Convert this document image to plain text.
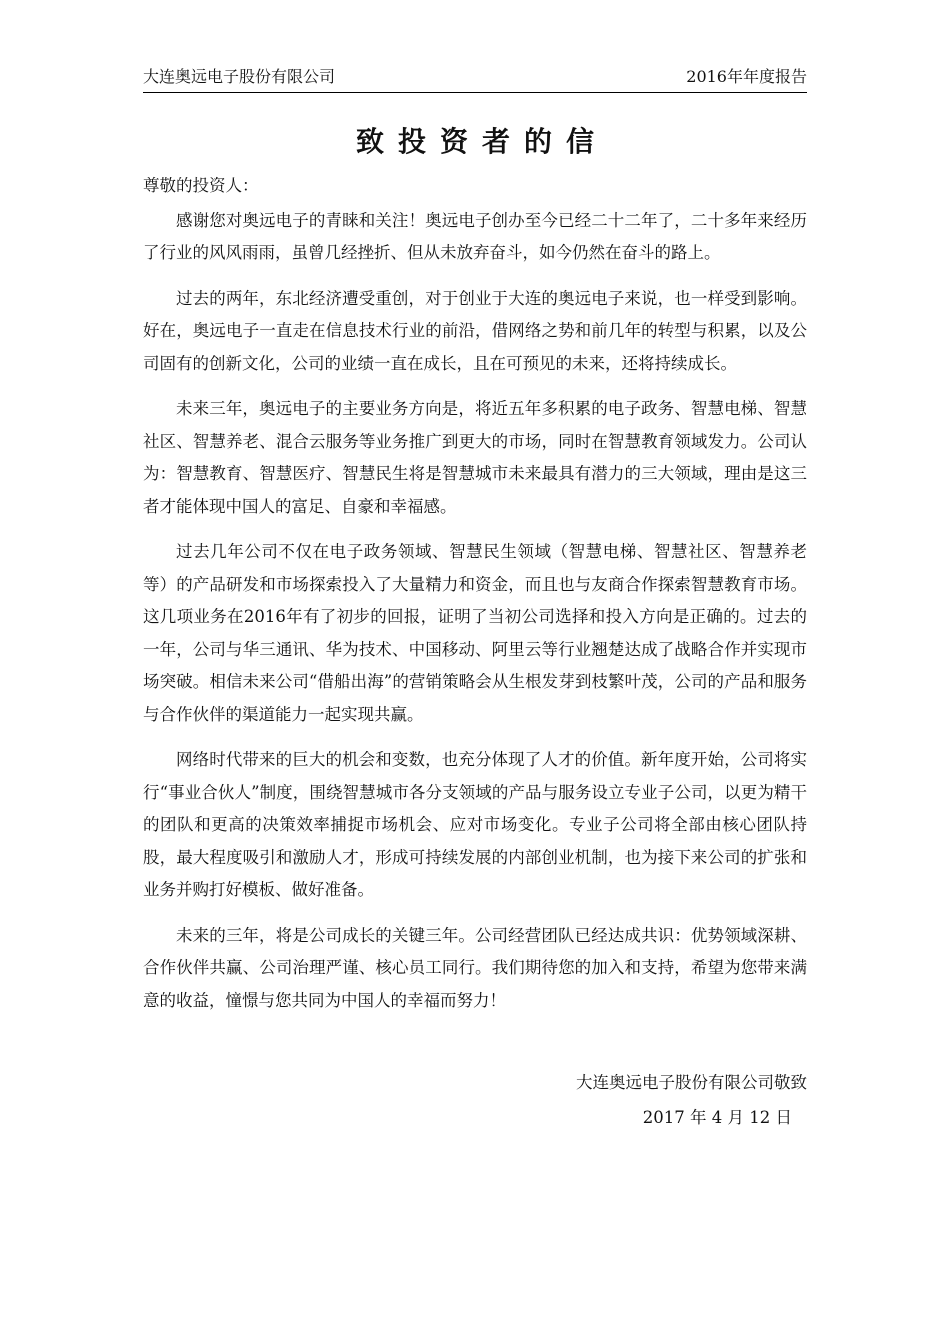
大连奥远电子股份有限公司	2016年年度报告
致投资者的信

尊敬的投资人：

感谢您对奥远电子的青睐和关注！奥远电子创办至今已经二十二年了，二十多年来经历了行业的风风雨雨，虽曾几经挫折、但从未放弃奋斗，如今仍然在奋斗的路上。

过去的两年，东北经济遭受重创，对于创业于大连的奥远电子来说，也一样受到影响。好在，奥远电子一直走在信息技术行业的前沿，借网络之势和前几年的转型与积累，以及公司固有的创新文化，公司的业绩一直在成长，且在可预见的未来，还将持续成长。

未来三年，奥远电子的主要业务方向是，将近五年多积累的电子政务、智慧电梯、智慧社区、智慧养老、混合云服务等业务推广到更大的市场，同时在智慧教育领域发力。公司认为：智慧教育、智慧医疗、智慧民生将是智慧城市未来最具有潜力的三大领域，理由是这三者才能体现中国人的富足、自豪和幸福感。

过去几年公司不仅在电子政务领域、智慧民生领域（智慧电梯、智慧社区、智慧养老等）的产品研发和市场探索投入了大量精力和资金，而且也与友商合作探索智慧教育市场。这几项业务在2016年有了初步的回报，证明了当初公司选择和投入方向是正确的。过去的一年，公司与华三通讯、华为技术、中国移动、阿里云等行业翘楚达成了战略合作并实现市场突破。相信未来公司“借船出海”的营销策略会从生根发芽到枝繁叶茂，公司的产品和服务与合作伙伴的渠道能力一起实现共赢。

网络时代带来的巨大的机会和变数，也充分体现了人才的价值。新年度开始，公司将实行“事业合伙人”制度，围绕智慧城市各分支领域的产品与服务设立专业子公司，以更为精干的团队和更高的决策效率捕捉市场机会、应对市场变化。专业子公司将全部由核心团队持股，最大程度吸引和激励人才，形成可持续发展的内部创业机制，也为接下来公司的扩张和业务并购打好模板、做好准备。

未来的三年，将是公司成长的关键三年。公司经营团队已经达成共识：优势领域深耕、合作伙伴共赢、公司治理严谨、核心员工同行。我们期待您的加入和支持，希望为您带来满意的收益，憧憬与您共同为中国人的幸福而努力！

大连奥远电子股份有限公司敬致
2017 年 4 月 12 日
